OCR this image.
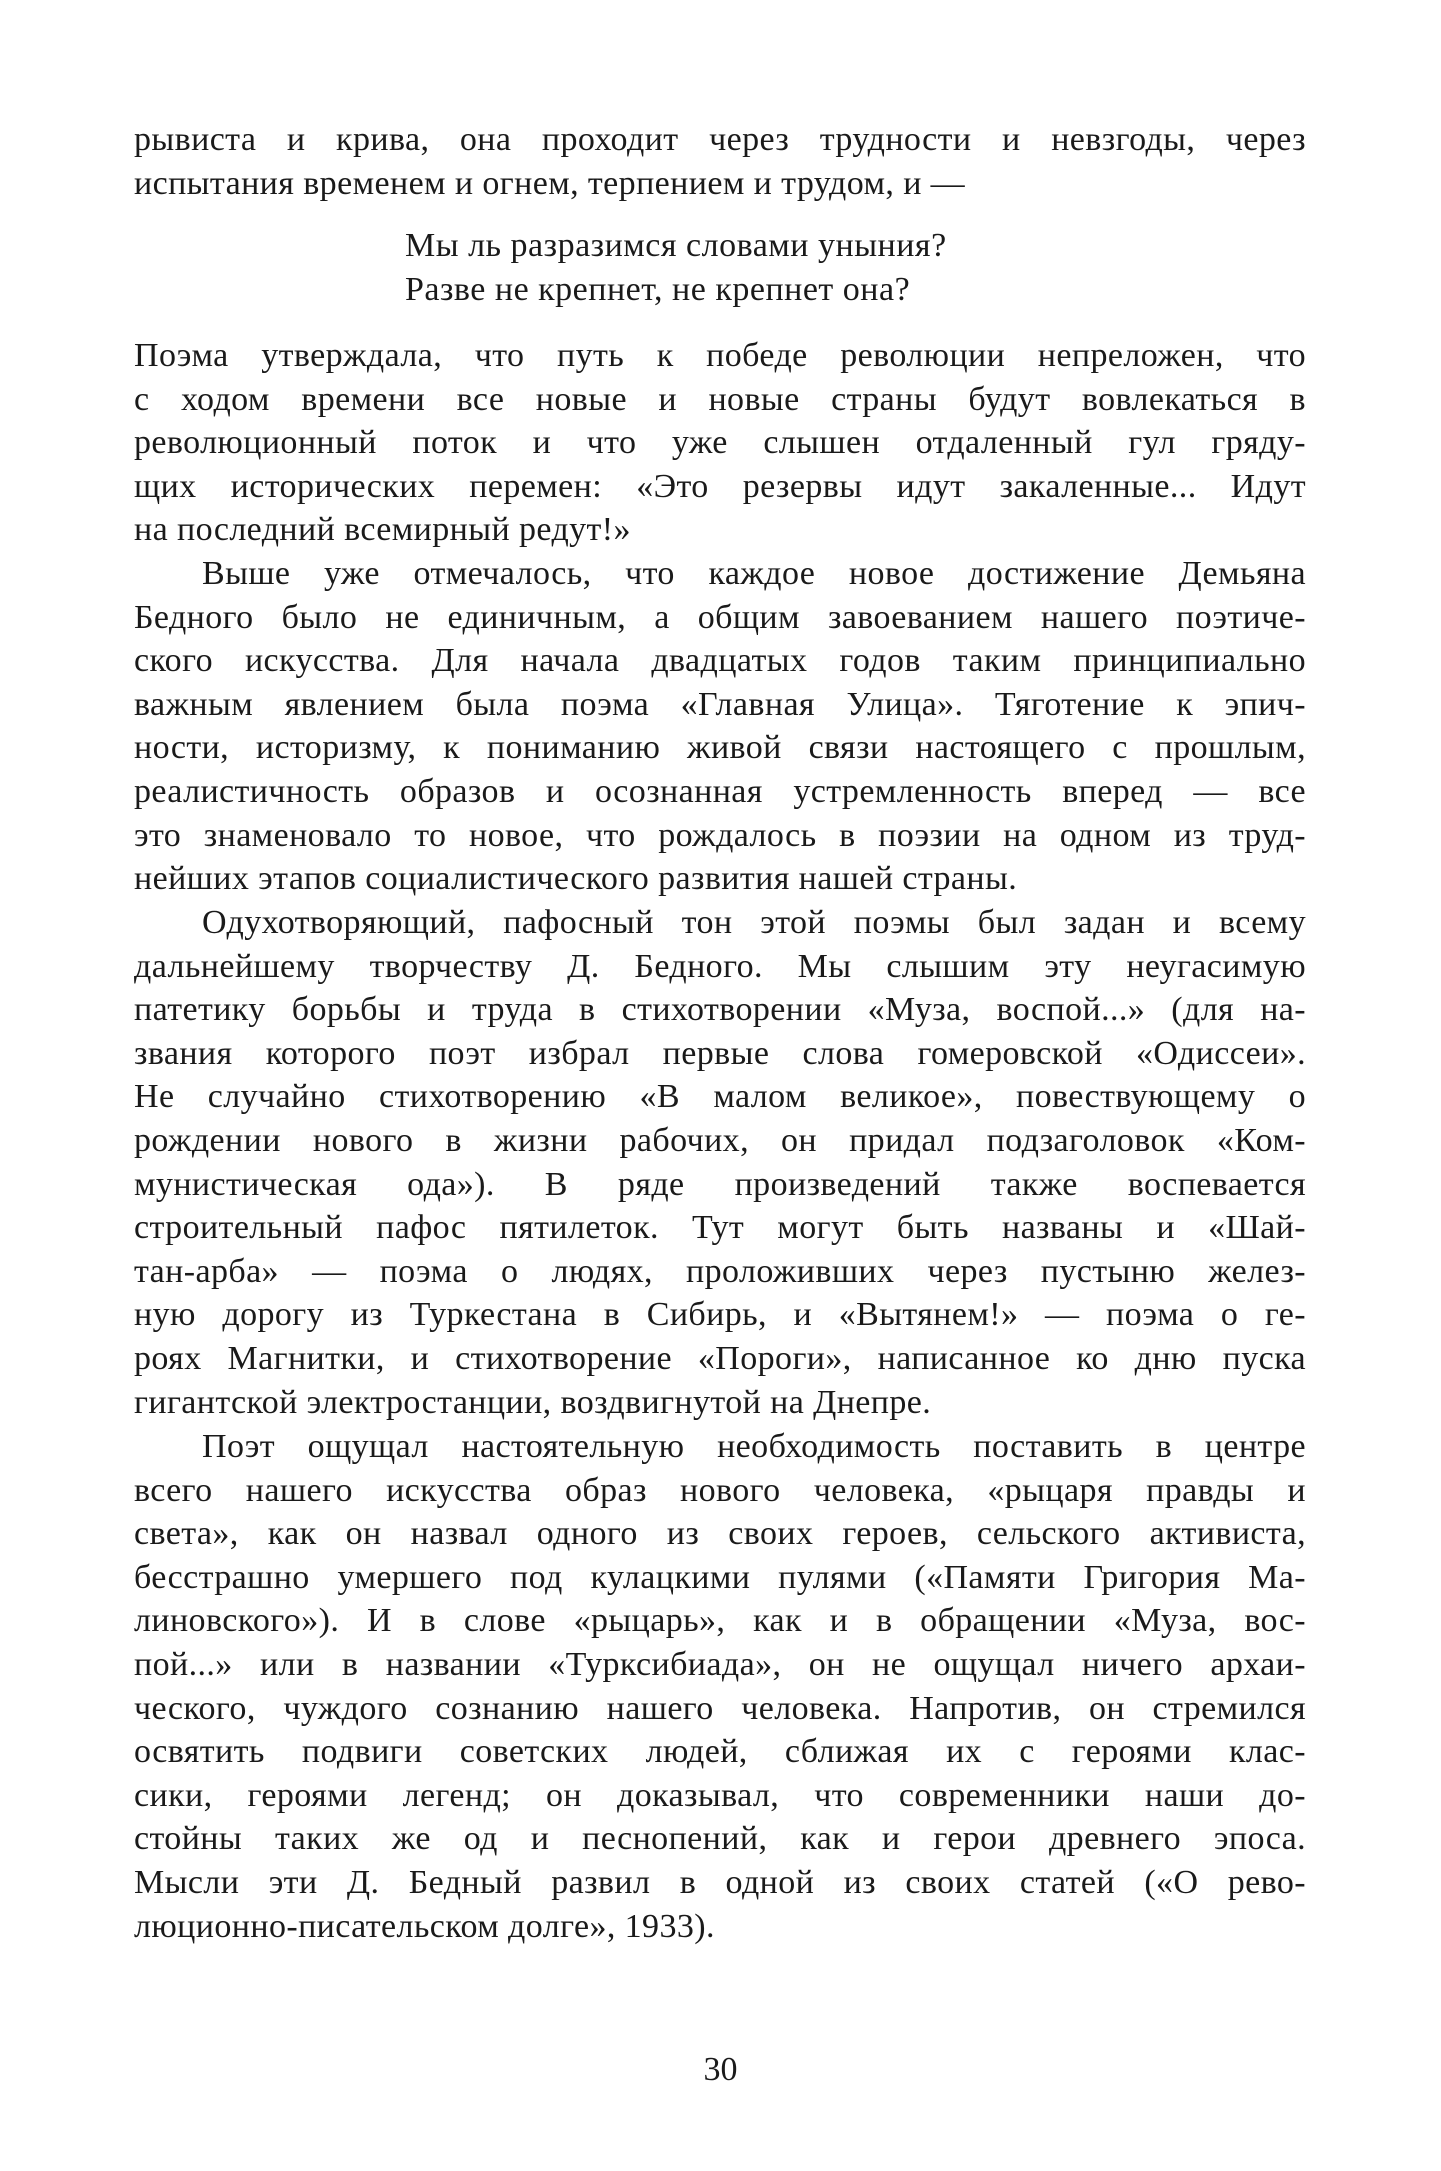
рывиста и крива, она проходит через трудности и невзгоды, через
испытания временем и огнем, терпением и трудом, и —
Мы ль разразимся словами уныния?
Разве не крепнет, не крепнет она?
Поэма утверждала, что путь к победе революции непреложен, что
с ходом времени все новые и новые страны будут вовлекаться в
революционный поток и что уже слышен отдаленный гул гряду-
щих исторических перемен: «Это резервы идут закаленные... Идут
на последний всемирный редут!»
Выше уже отмечалось, что каждое новое достижение Демьяна
Бедного было не единичным, а общим завоеванием нашего поэтиче-
ского искусства. Для начала двадцатых годов таким принципиально
важным явлением была поэма «Главная Улица». Тяготение к эпич-
ности, историзму, к пониманию живой связи настоящего с прошлым,
реалистичность образов и осознанная устремленность вперед — все
это знаменовало то новое, что рождалось в поэзии на одном из труд-
нейших этапов социалистического развития нашей страны.
Одухотворяющий, пафосный тон этой поэмы был задан и всему
дальнейшему творчеству Д. Бедного. Мы слышим эту неугасимую
патетику борьбы и труда в стихотворении «Муза, воспой...» (для на-
звания которого поэт избрал первые слова гомеровской «Одиссеи».
Не случайно стихотворению «В малом великое», повествующему о
рождении нового в жизни рабочих, он придал подзаголовок «Ком-
мунистическая ода»). В ряде произведений также воспевается
строительный пафос пятилеток. Тут могут быть названы и «Шай-
тан-арба» — поэма о людях, проложивших через пустыню желез-
ную дорогу из Туркестана в Сибирь, и «Вытянем!» — поэма о ге-
роях Магнитки, и стихотворение «Пороги», написанное ко дню пуска
гигантской электростанции, воздвигнутой на Днепре.
Поэт ощущал настоятельную необходимость поставить в центре
всего нашего искусства образ нового человека, «рыцаря правды и
света», как он назвал одного из своих героев, сельского активиста,
бесстрашно умершего под кулацкими пулями («Памяти Григория Ма-
линовского»). И в слове «рыцарь», как и в обращении «Муза, вос-
пой...» или в названии «Турксибиада», он не ощущал ничего архаи-
ческого, чуждого сознанию нашего человека. Напротив, он стремился
освятить подвиги советских людей, сближая их с героями клас-
сики, героями легенд; он доказывал, что современники наши до-
стойны таких же од и песнопений, как и герои древнего эпоса.
Мысли эти Д. Бедный развил в одной из своих статей («О рево-
люционно-писательском долге», 1933).
30
